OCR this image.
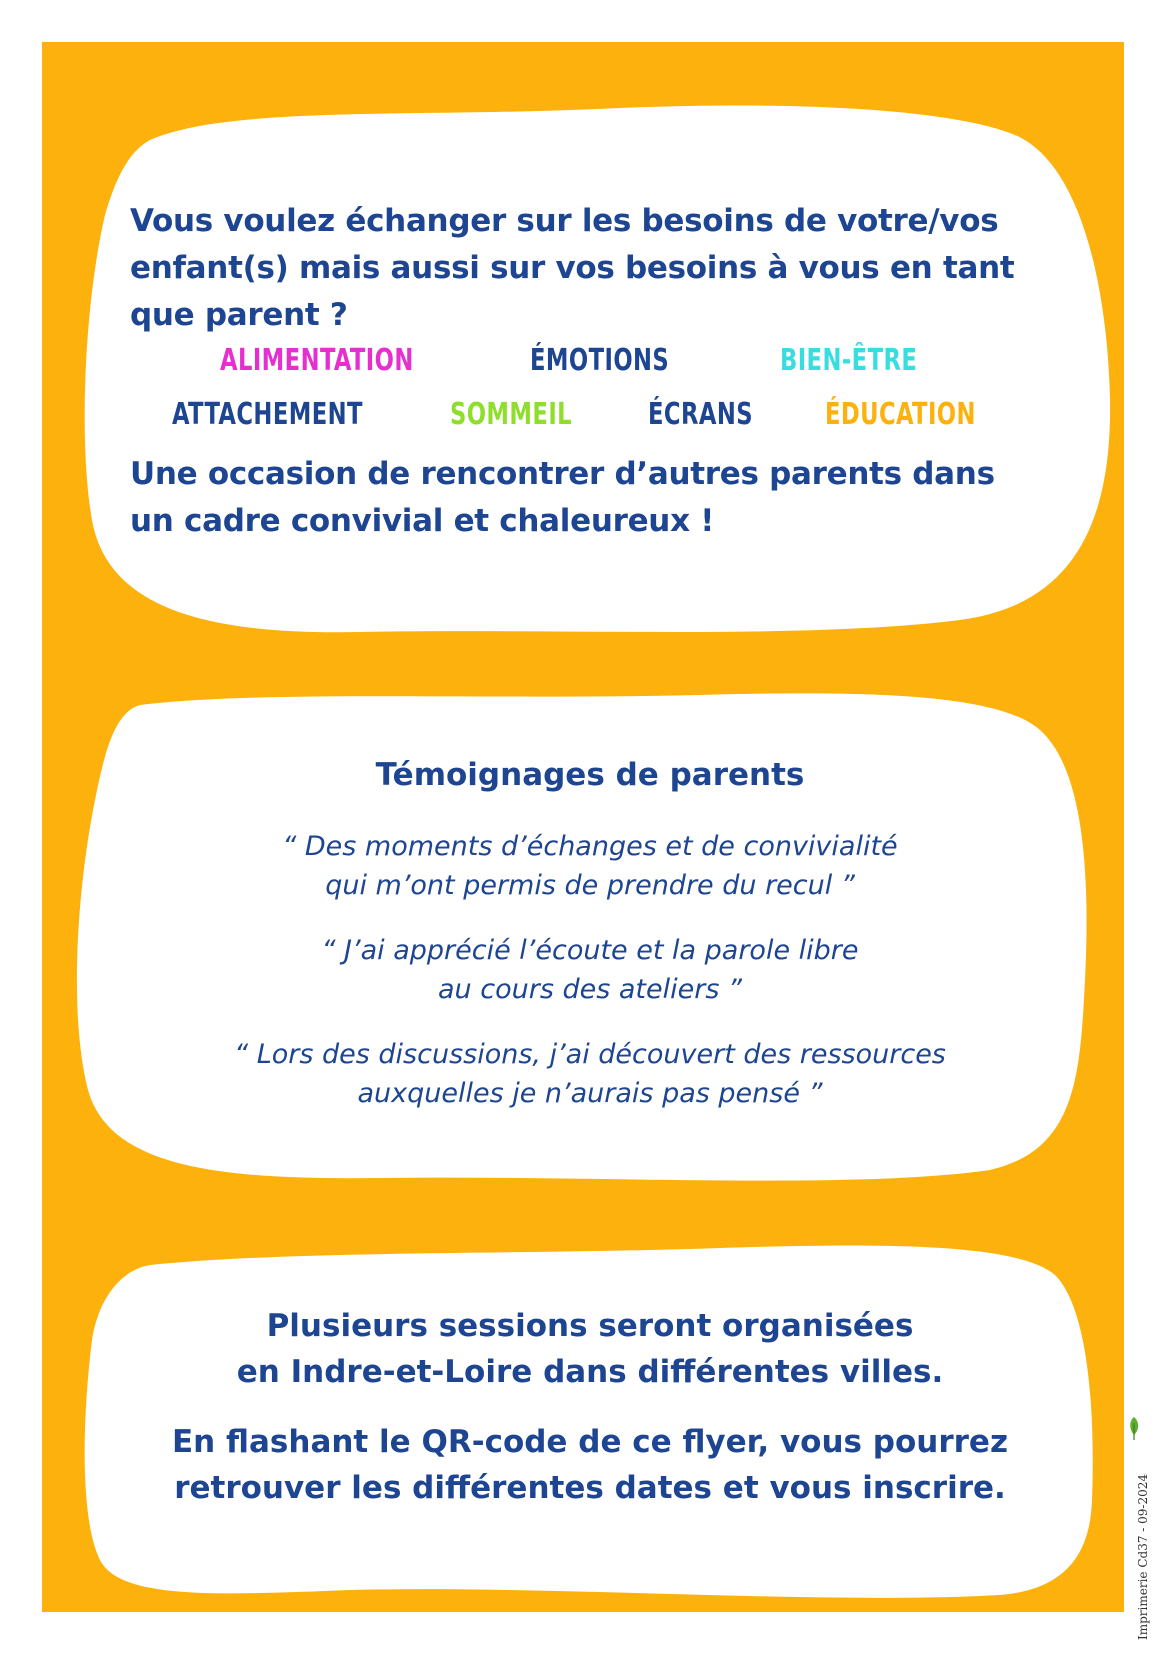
Vous voulez échanger sur les besoins de votre/vos enfant(s) mais aussi sur vos besoins à vous en tant que parent ?

ALIMENTATION	ÉMOTIONS	BIEN-ÊTRE
ATTACHEMENT	SOMMEIL	ÉCRANS ÉDUCATION

Une occasion de rencontrer d’autres parents dans un cadre convivial et chaleureux !

Témoignages de parents

“ Des moments d’échanges et de convivialité
qui m’ont permis de prendre du recul ”

“ J’ai apprécié l’écoute et la parole libre
au cours des ateliers ”

“ Lors des discussions, j’ai découvert des ressources
auxquelles je n’aurais pas pensé ”

Plusieurs sessions seront organisées
en Indre-et-Loire dans différentes villes.

En flashant le QR-code de ce flyer, vous pourrez
retrouver les différentes dates et vous inscrire.	Imprimerie Cd37 - 09-2024
